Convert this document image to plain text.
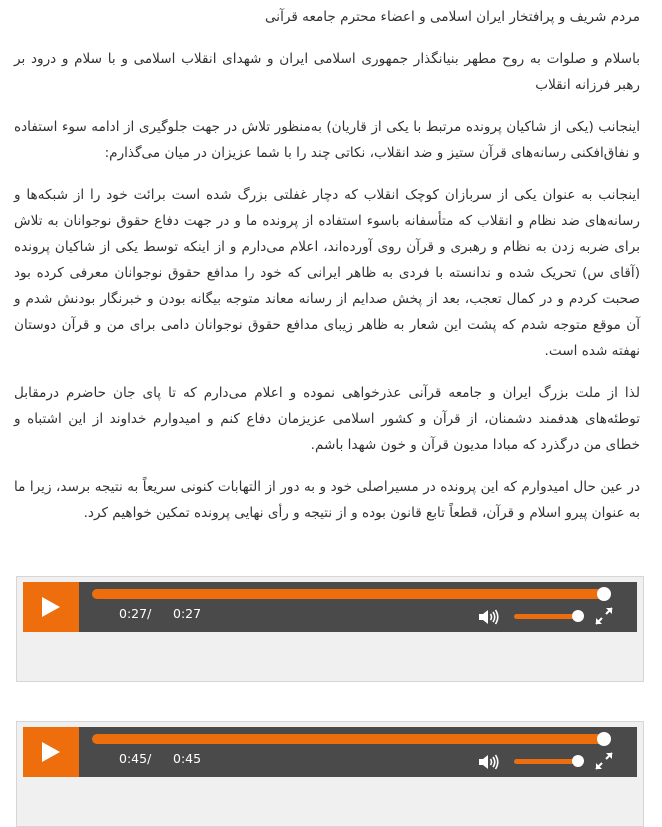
مردم شریف و پرافتخار ایران اسلامی و اعضاء محترم جامعه قرآنی

باسلام و صلوات به روح مطهر بنیانگذار جمهوری اسلامی ایران و شهدای انقلاب اسلامی و با سلام و درود بر رهبر فرزانه انقلاب

اینجانب (یکی از شاکیان پرونده مرتبط با یکی از قاریان) به‌منظور تلاش در جهت جلوگیری از ادامه سوء استفاده و نفاق‌افکنی رسانه‌های قرآن ستیز و ضد انقلاب، نکاتی چند را با شما عزیزان در میان می‌گذارم:

اینجانب به عنوان یکی از سربازان کوچک انقلاب که دچار غفلتی بزرگ شده است برائت خود را از شبکه‌ها و رسانه‌های ضد نظام و انقلاب که متأسفانه باسوء استفاده از پرونده ما و در جهت دفاع حقوق نوجوانان به تلاش برای ضربه زدن به نظام و رهبری و قرآن روی آورده‌اند، اعلام می‌دارم و از اینکه توسط یکی از شاکیان پرونده (آقای س) تحریک شده و ندانسته با فردی به ظاهر ایرانی که خود را مدافع حقوق نوجوانان معرفی کرده بود صحبت کردم و در کمال تعجب، بعد از پخش صدایم از رسانه معاند متوجه بیگانه بودن و خبرنگار بودنش شدم و آن موقع متوجه شدم که پشت این شعار به ظاهر زیبای مدافع حقوق نوجوانان دامی برای من و قرآن دوستان نهفته شده است.

لذا از ملت بزرگ ایران و جامعه قرآنی عذرخواهی نموده و اعلام می‌دارم که تا پای جان حاضرم درمقابل توطئه‌های هدفمند دشمنان، از قرآن و کشور اسلامی عزیزمان دفاع کنم و امیدوارم خداوند از این اشتباه و خطای من درگذرد که مبادا مدیون قرآن و خون شهدا باشم.

در عین حال امیدوارم که این پرونده در مسیراصلی خود و به دور از التهابات کنونی سریعاً به نتیجه برسد، زیرا ما به عنوان پیرو اسلام و قرآن، قطعاً تابع قانون بوده و از نتیجه و رأی نهایی پرونده تمکین خواهیم کرد.

0:27/ 0:27
0:45/ 0:45
